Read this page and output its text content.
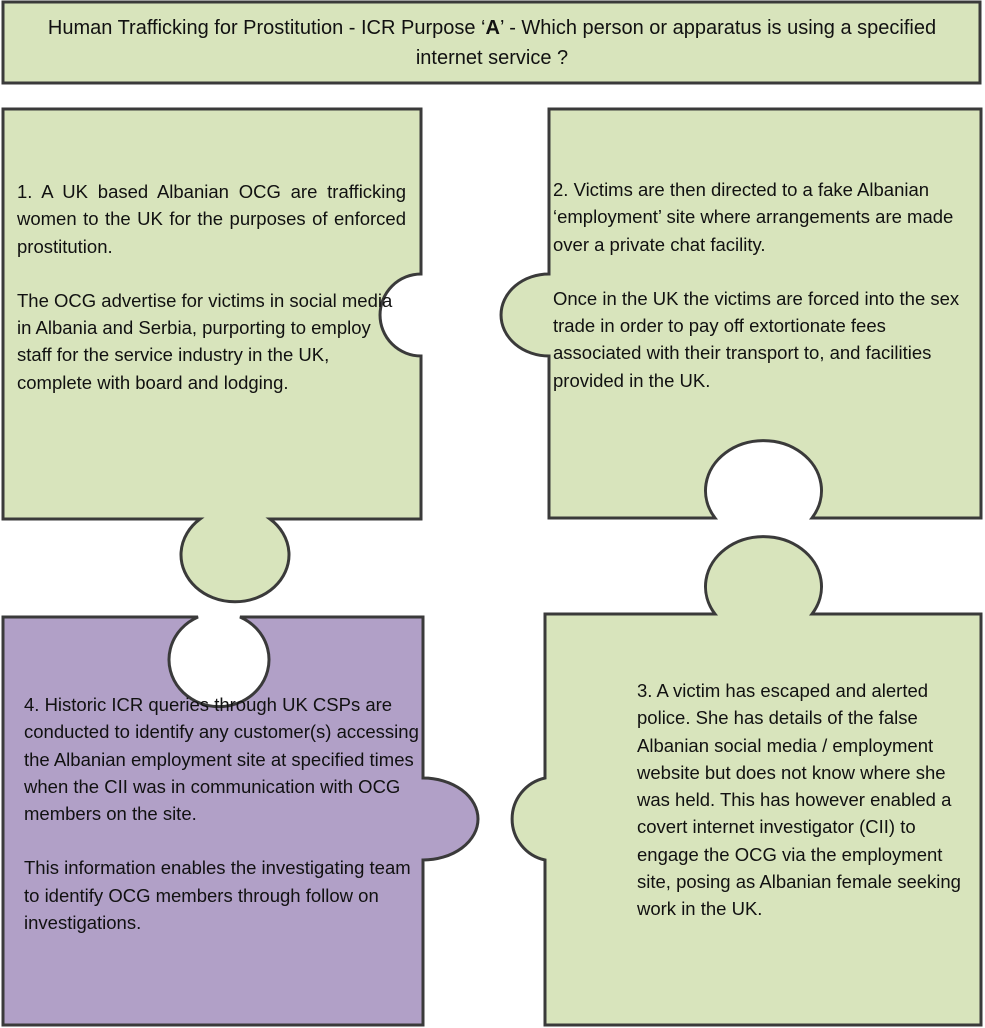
Human Trafficking for Prostitution - ICR Purpose ‘A’ - Which person or apparatus is using a specified internet service ?

1. A UK based Albanian OCG are trafficking women to the UK for the purposes of enforced prostitution.

The OCG advertise for victims in social media in Albania and Serbia, purporting to employ staff for the service industry in the UK, complete with board and lodging.

2. Victims are then directed to a fake Albanian ‘employment’ site where arrangements are made over a private chat facility.

Once in the UK the victims are forced into the sex trade in order to pay off extortionate fees associated with their transport to, and facilities provided in the UK.

3. A victim has escaped and alerted police. She has details of the false Albanian social media / employment website but does not know where she was held. This has however enabled a covert internet investigator (CII) to engage the OCG via the employment site, posing as Albanian female seeking work in the UK.

4. Historic ICR queries through UK CSPs are conducted to identify any customer(s) accessing the Albanian employment site at specified times when the CII was in communication with OCG members on the site.

This information enables the investigating team to identify OCG members through follow on investigations.
